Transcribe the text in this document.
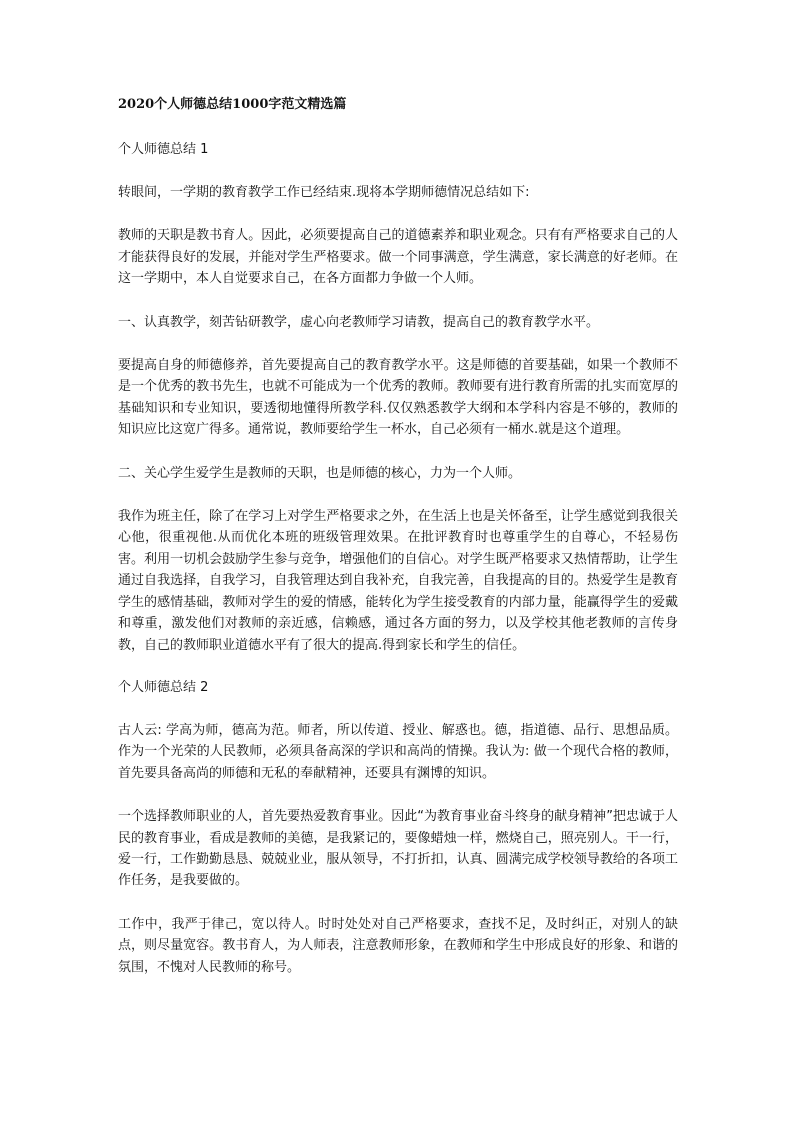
2020个人师德总结1000字范文精选篇
个人师德总结 1
转眼间，一学期的教育教学工作已经结束.现将本学期师德情况总结如下:
教师的天职是教书育人。因此，必须要提高自己的道德素养和职业观念。只有有严格要求自己的人才能获得良好的发展，并能对学生严格要求。做一个同事满意，学生满意，家长满意的好老师。在这一学期中，本人自觉要求自己，在各方面都力争做一个人师。
一、认真教学，刻苦钻研教学，虚心向老教师学习请教，提高自己的教育教学水平。
要提高自身的师德修养，首先要提高自己的教育教学水平。这是师德的首要基础，如果一个教师不是一个优秀的教书先生，也就不可能成为一个优秀的教师。教师要有进行教育所需的扎实而宽厚的基础知识和专业知识，要透彻地懂得所教学科.仅仅熟悉教学大纲和本学科内容是不够的，教师的知识应比这宽广得多。通常说，教师要给学生一杯水，自己必须有一桶水.就是这个道理。
二、关心学生爱学生是教师的天职，也是师德的核心，力为一个人师。
我作为班主任，除了在学习上对学生严格要求之外，在生活上也是关怀备至，让学生感觉到我很关心他，很重视他.从而优化本班的班级管理效果。在批评教育时也尊重学生的自尊心，不轻易伤害。利用一切机会鼓励学生参与竞争，增强他们的自信心。对学生既严格要求又热情帮助，让学生通过自我选择，自我学习，自我管理达到自我补充，自我完善，自我提高的目的。热爱学生是教育学生的感情基础，教师对学生的爱的情感，能转化为学生接受教育的内部力量，能赢得学生的爱戴和尊重，激发他们对教师的亲近感，信赖感，通过各方面的努力，以及学校其他老教师的言传身教，自己的教师职业道德水平有了很大的提高.得到家长和学生的信任。
个人师德总结 2
古人云: 学高为师，德高为范。师者，所以传道、授业、解惑也。德，指道德、品行、思想品质。作为一个光荣的人民教师，必须具备高深的学识和高尚的情操。我认为: 做一个现代合格的教师，首先要具备高尚的师德和无私的奉献精神，还要具有渊博的知识。
一个选择教师职业的人，首先要热爱教育事业。因此“为教育事业奋斗终身的献身精神”把忠诚于人民的教育事业，看成是教师的美德，是我紧记的，要像蜡烛一样，燃烧自己，照亮别人。干一行，爱一行，工作勤勤恳恳、兢兢业业，服从领导，不打折扣，认真、圆满完成学校领导教给的各项工作任务，是我要做的。
工作中，我严于律己，宽以待人。时时处处对自己严格要求，查找不足，及时纠正，对别人的缺点，则尽量宽容。教书育人，为人师表，注意教师形象，在教师和学生中形成良好的形象、和谐的氛围，不愧对人民教师的称号。
